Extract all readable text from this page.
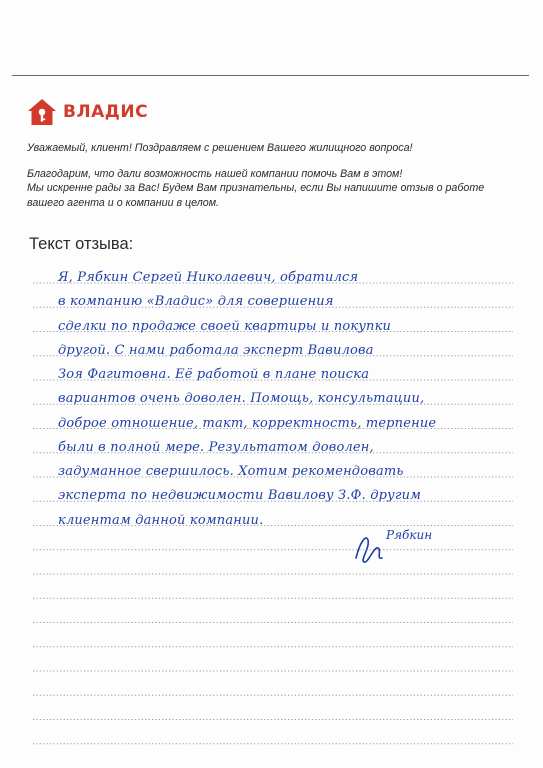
ВЛАДИС

Уважаемый, клиент! Поздравляем с решением Вашего жилищного вопроса!

Благодарим, что дали возможность нашей компании помочь Вам в этом!

Мы искренне рады за Вас! Будем Вам признательны, если Вы напишите отзыв о работе

вашего агента и о компании в целом.

Текст отзыва:
Я, Рябкин Сергей Николаевич, обратился
в компанию «Владис» для совершения
сделки по продаже своей квартиры и покупки
другой. С нами работала эксперт Вавилова
Зоя Фагитовна. Её работой в плане поиска
вариантов очень доволен. Помощь, консультации,
доброе отношение, такт, корректность, терпение
были в полной мере. Результатом доволен,
задуманное свершилось. Хотим рекомендовать
эксперта по недвижимости Вавилову З.Ф. другим
клиентам данной компании.
Рябкин
